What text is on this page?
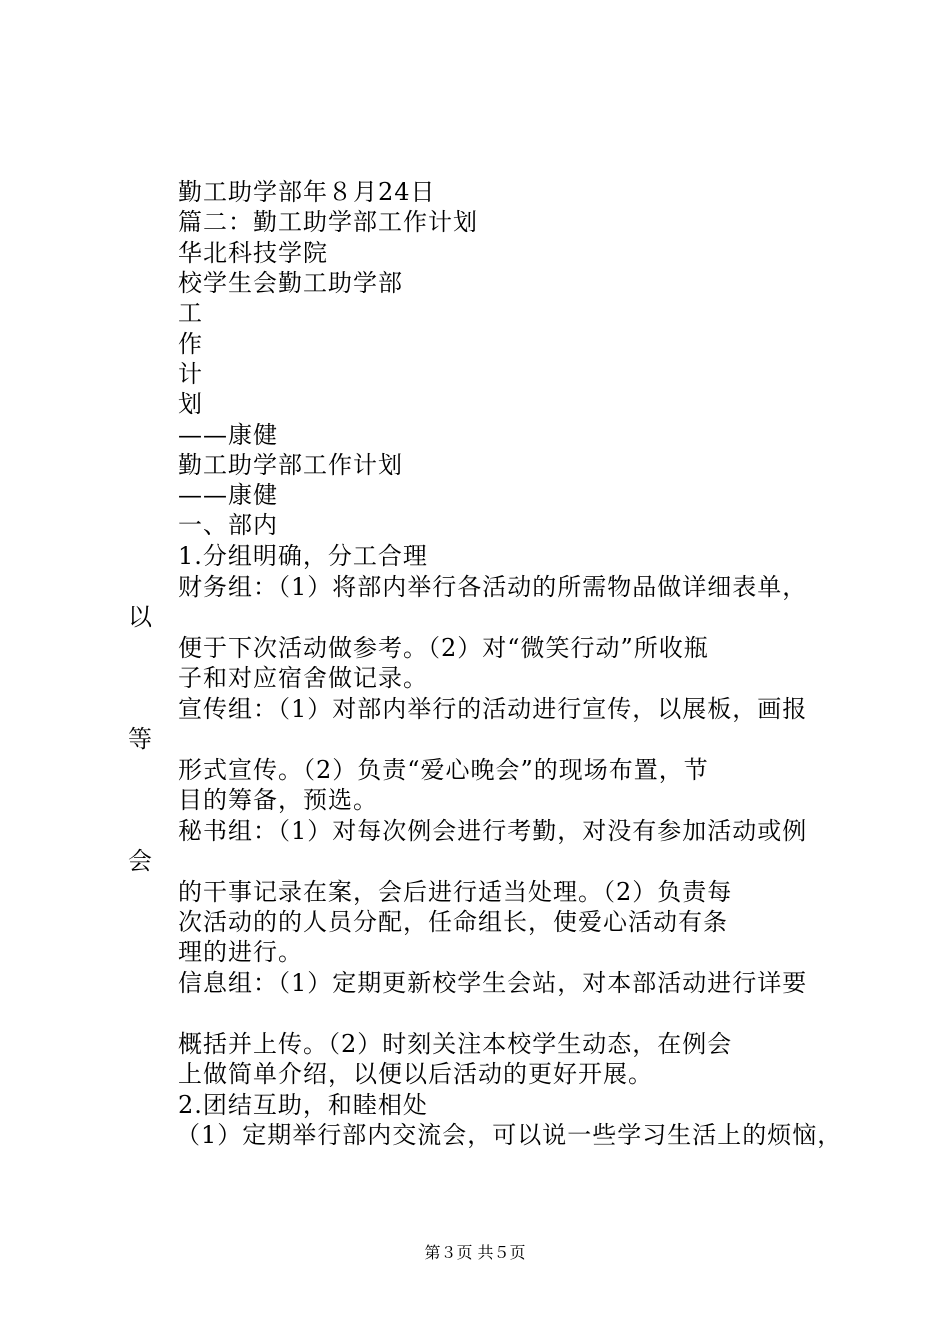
勤工助学部年８月24日
篇二：勤工助学部工作计划
华北科技学院
校学生会勤工助学部
工
作
计
划
——康健
勤工助学部工作计划
——康健
一、部内
1.分组明确，分工合理
财务组：（1）将部内举行各活动的所需物品做详细表单，
以
便于下次活动做参考。（2）对“微笑行动”所收瓶
子和对应宿舍做记录。
宣传组：（1）对部内举行的活动进行宣传，以展板，画报
等
形式宣传。（2）负责“爱心晚会”的现场布置，节
目的筹备，预选。
秘书组：（1）对每次例会进行考勤，对没有参加活动或例
会
的干事记录在案，会后进行适当处理。（2）负责每
次活动的的人员分配，任命组长，使爱心活动有条
理的进行。
信息组：（1）定期更新校学生会站，对本部活动进行详要
概括并上传。（2）时刻关注本校学生动态，在例会
上做简单介绍，以便以后活动的更好开展。
2.团结互助，和睦相处
（1）定期举行部内交流会，可以说一些学习生活上的烦恼，
第３页 共５页
